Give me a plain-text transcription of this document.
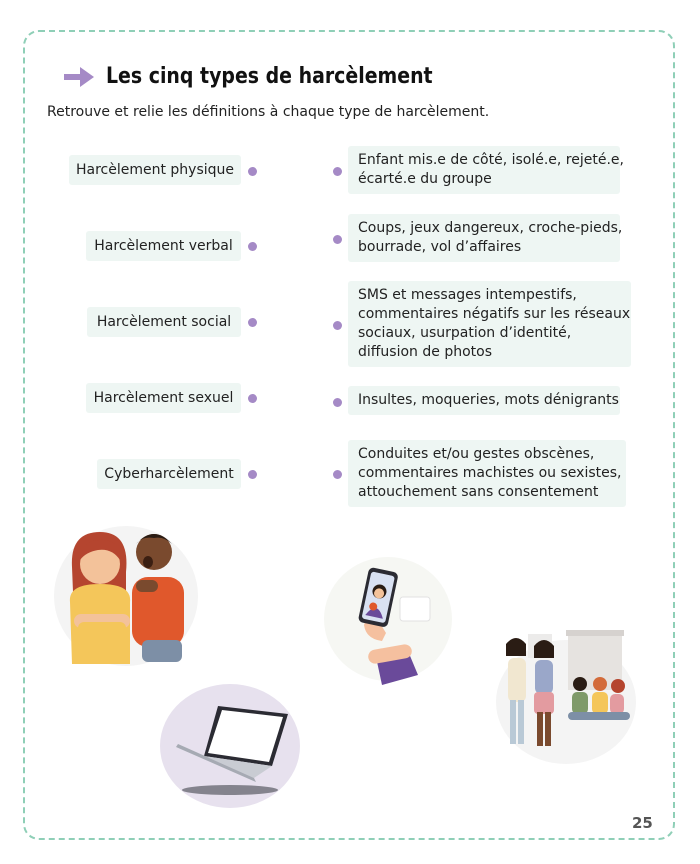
Les cinq types de harcèlement
Retrouve et relie les définitions à chaque type de harcèlement.
Harcèlement physique
Harcèlement verbal
Harcèlement social
Harcèlement sexuel
Cyberharcèlement
Enfant mis.e de côté, isolé.e, rejeté.e,
écarté.e du groupe
Coups, jeux dangereux, croche-pieds,
bourrade, vol d’affaires
SMS et messages intempestifs,
commentaires négatifs sur les réseaux
sociaux, usurpation d’identité,
diffusion de photos
Insultes, moqueries, mots dénigrants
Conduites et/ou gestes obscènes,
commentaires machistes ou sexistes,
attouchement sans consentement
25
